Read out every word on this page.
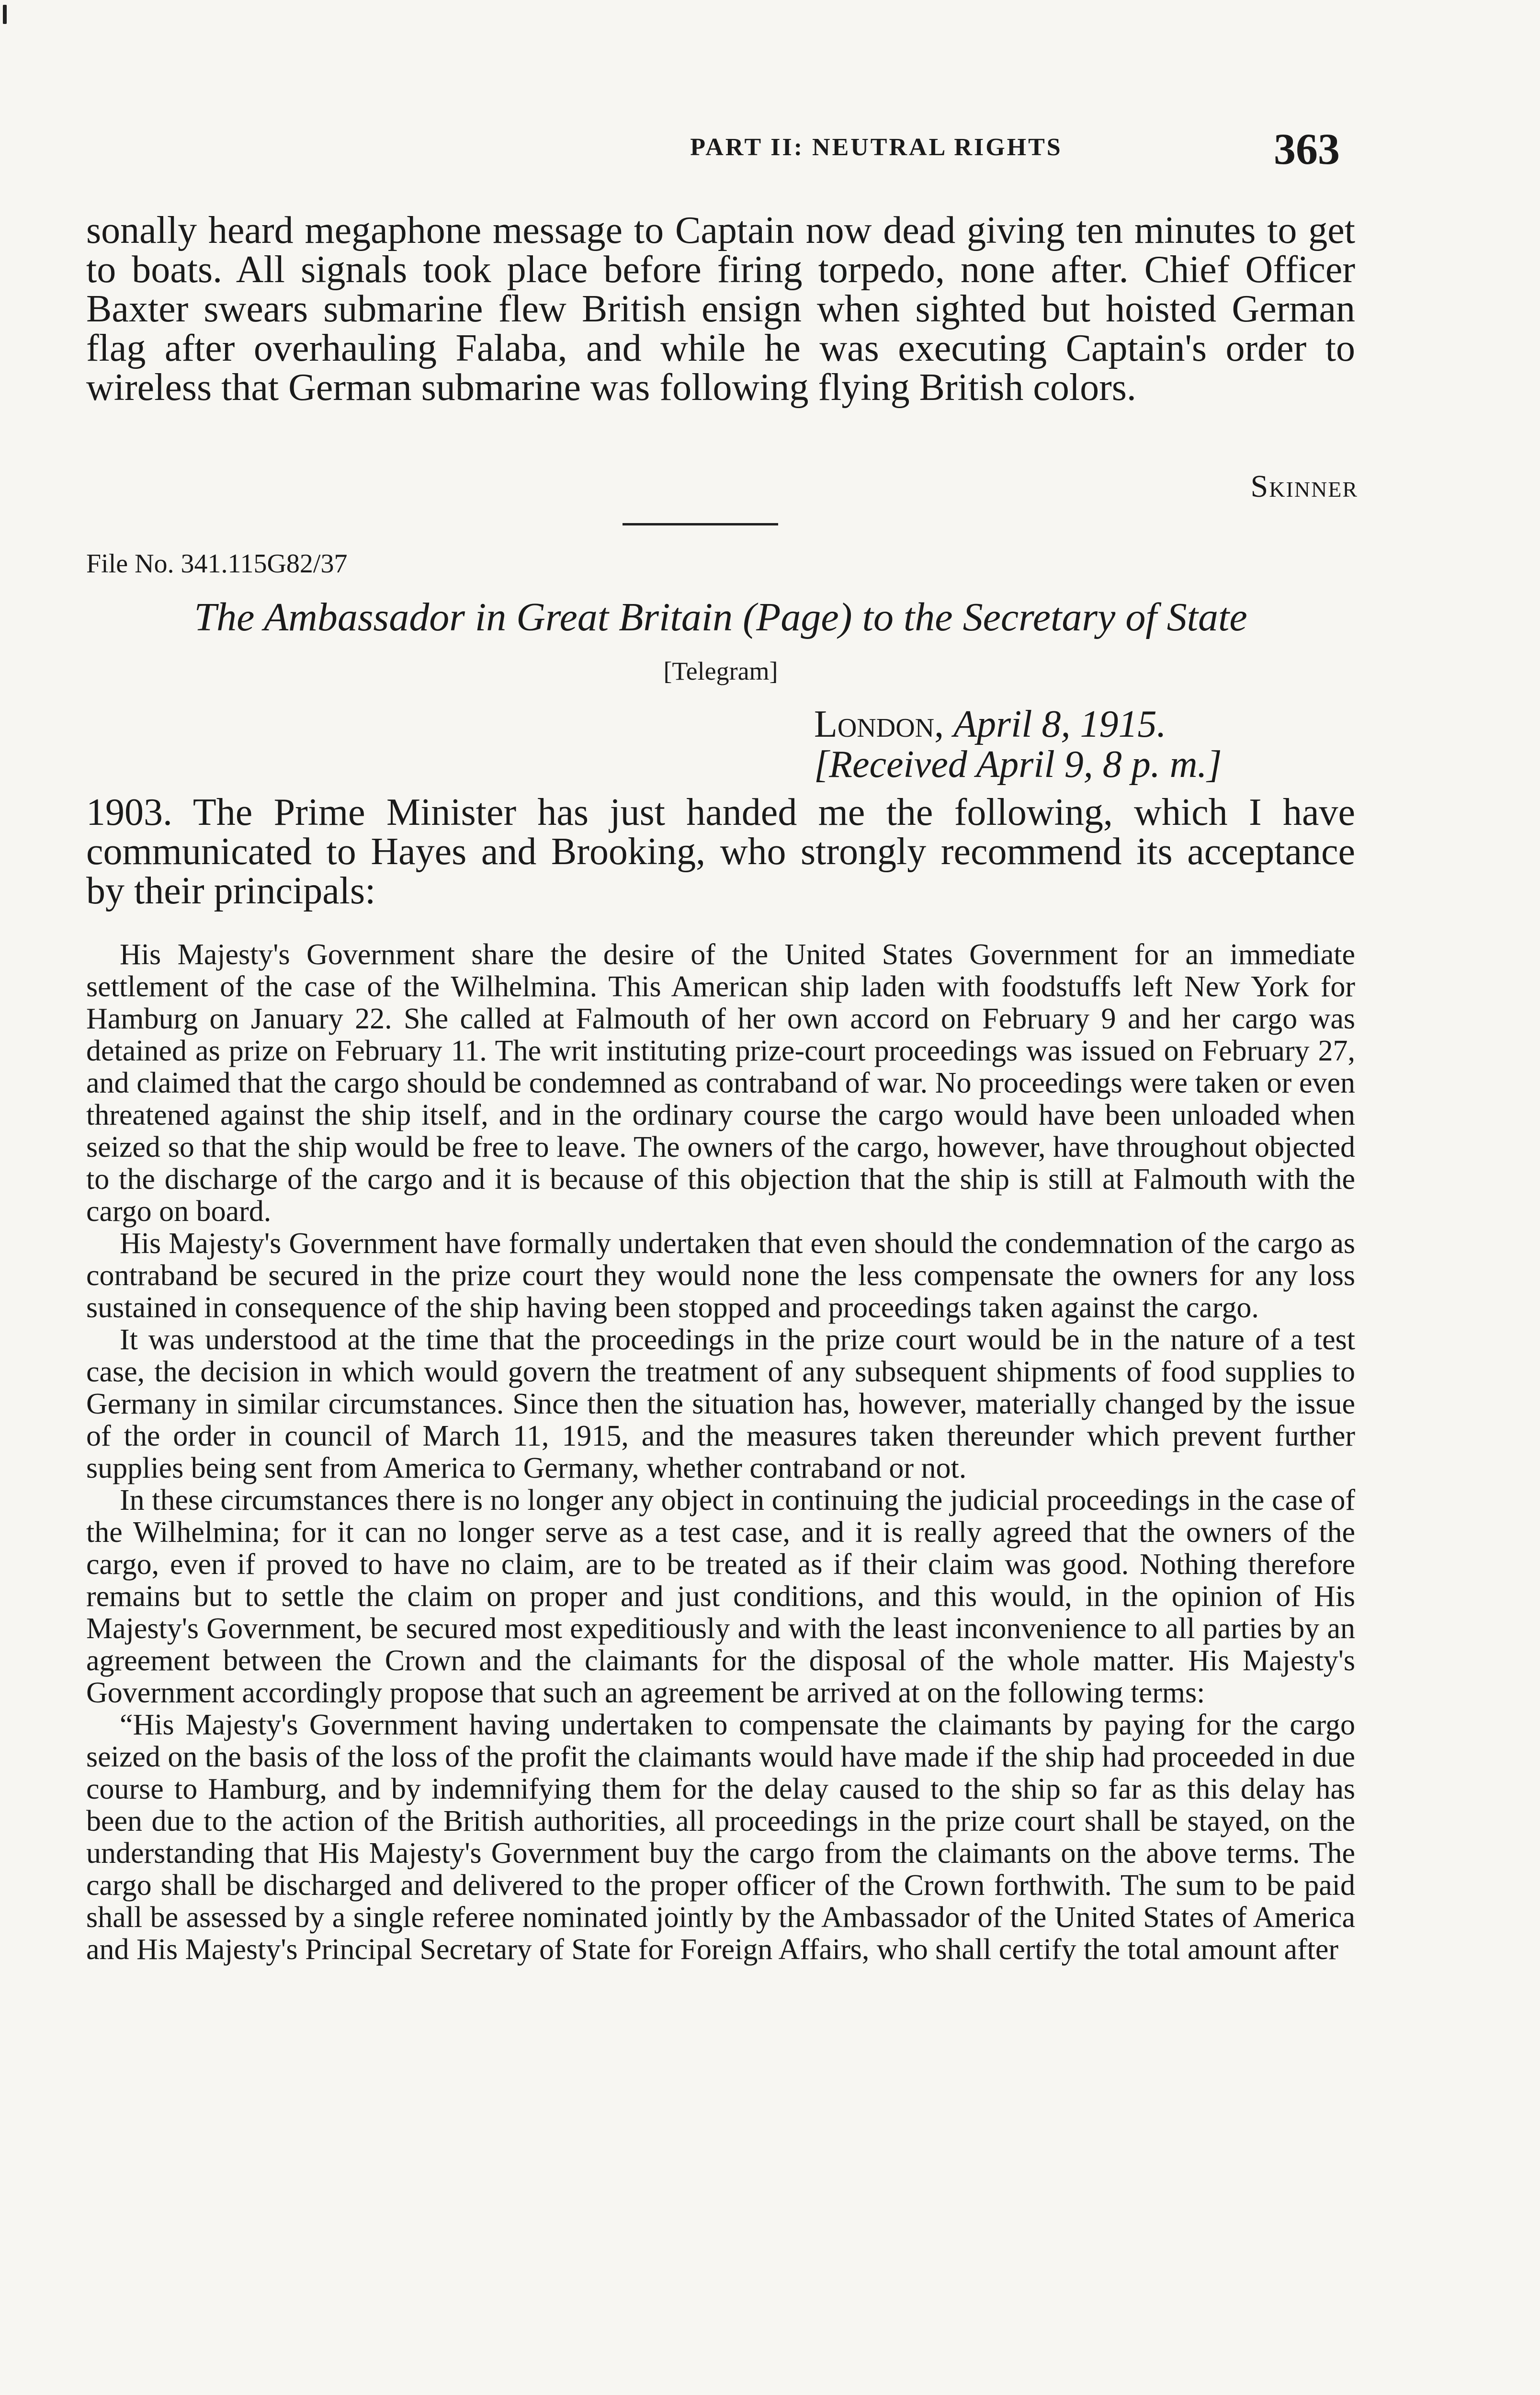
PART II: NEUTRAL RIGHTS	363

sonally heard megaphone message to Captain now dead giving ten minutes to get to boats. All signals took place before firing torpedo, none after. Chief Officer Baxter swears submarine flew British ensign when sighted but hoisted German flag after overhauling Falaba, and while he was executing Captain's order to wireless that German submarine was following flying British colors.

Skinner
File No. 341.115G82/37
The Ambassador in Great Britain (Page) to the Secretary of State
[Telegram]
London, April 8, 1915.
[Received April 9, 8 p. m.]

1903. The Prime Minister has just handed me the following, which I have communicated to Hayes and Brooking, who strongly recommend its acceptance by their principals:

His Majesty's Government share the desire of the United States Government for an immediate settlement of the case of the Wilhelmina. This American ship laden with foodstuffs left New York for Hamburg on January 22. She called at Falmouth of her own accord on February 9 and her cargo was detained as prize on February 11. The writ instituting prize-court proceedings was issued on February 27, and claimed that the cargo should be condemned as contraband of war. No proceedings were taken or even threatened against the ship itself, and in the ordinary course the cargo would have been unloaded when seized so that the ship would be free to leave. The owners of the cargo, however, have throughout objected to the discharge of the cargo and it is because of this objection that the ship is still at Falmouth with the cargo on board.

His Majesty's Government have formally undertaken that even should the condemnation of the cargo as contraband be secured in the prize court they would none the less compensate the owners for any loss sustained in consequence of the ship having been stopped and proceedings taken against the cargo.

It was understood at the time that the proceedings in the prize court would be in the nature of a test case, the decision in which would govern the treatment of any subsequent shipments of food supplies to Germany in similar circumstances. Since then the situation has, however, materially changed by the issue of the order in council of March 11, 1915, and the measures taken thereunder which prevent further supplies being sent from America to Germany, whether contraband or not.

In these circumstances there is no longer any object in continuing the judicial proceedings in the case of the Wilhelmina; for it can no longer serve as a test case, and it is really agreed that the owners of the cargo, even if proved to have no claim, are to be treated as if their claim was good. Nothing therefore remains but to settle the claim on proper and just conditions, and this would, in the opinion of His Majesty's Government, be secured most expeditiously and with the least inconvenience to all parties by an agreement between the Crown and the claimants for the disposal of the whole matter. His Majesty's Government accordingly propose that such an agreement be arrived at on the following terms:

“His Majesty's Government having undertaken to compensate the claimants by paying for the cargo seized on the basis of the loss of the profit the claimants would have made if the ship had proceeded in due course to Hamburg, and by indemnifying them for the delay caused to the ship so far as this delay has been due to the action of the British authorities, all proceedings in the prize court shall be stayed, on the understanding that His Majesty's Government buy the cargo from the claimants on the above terms. The cargo shall be discharged and delivered to the proper officer of the Crown forthwith. The sum to be paid shall be assessed by a single referee nominated jointly by the Ambassador of the United States of America and His Majesty's Principal Secretary of State for Foreign Affairs, who shall certify the total amount after
